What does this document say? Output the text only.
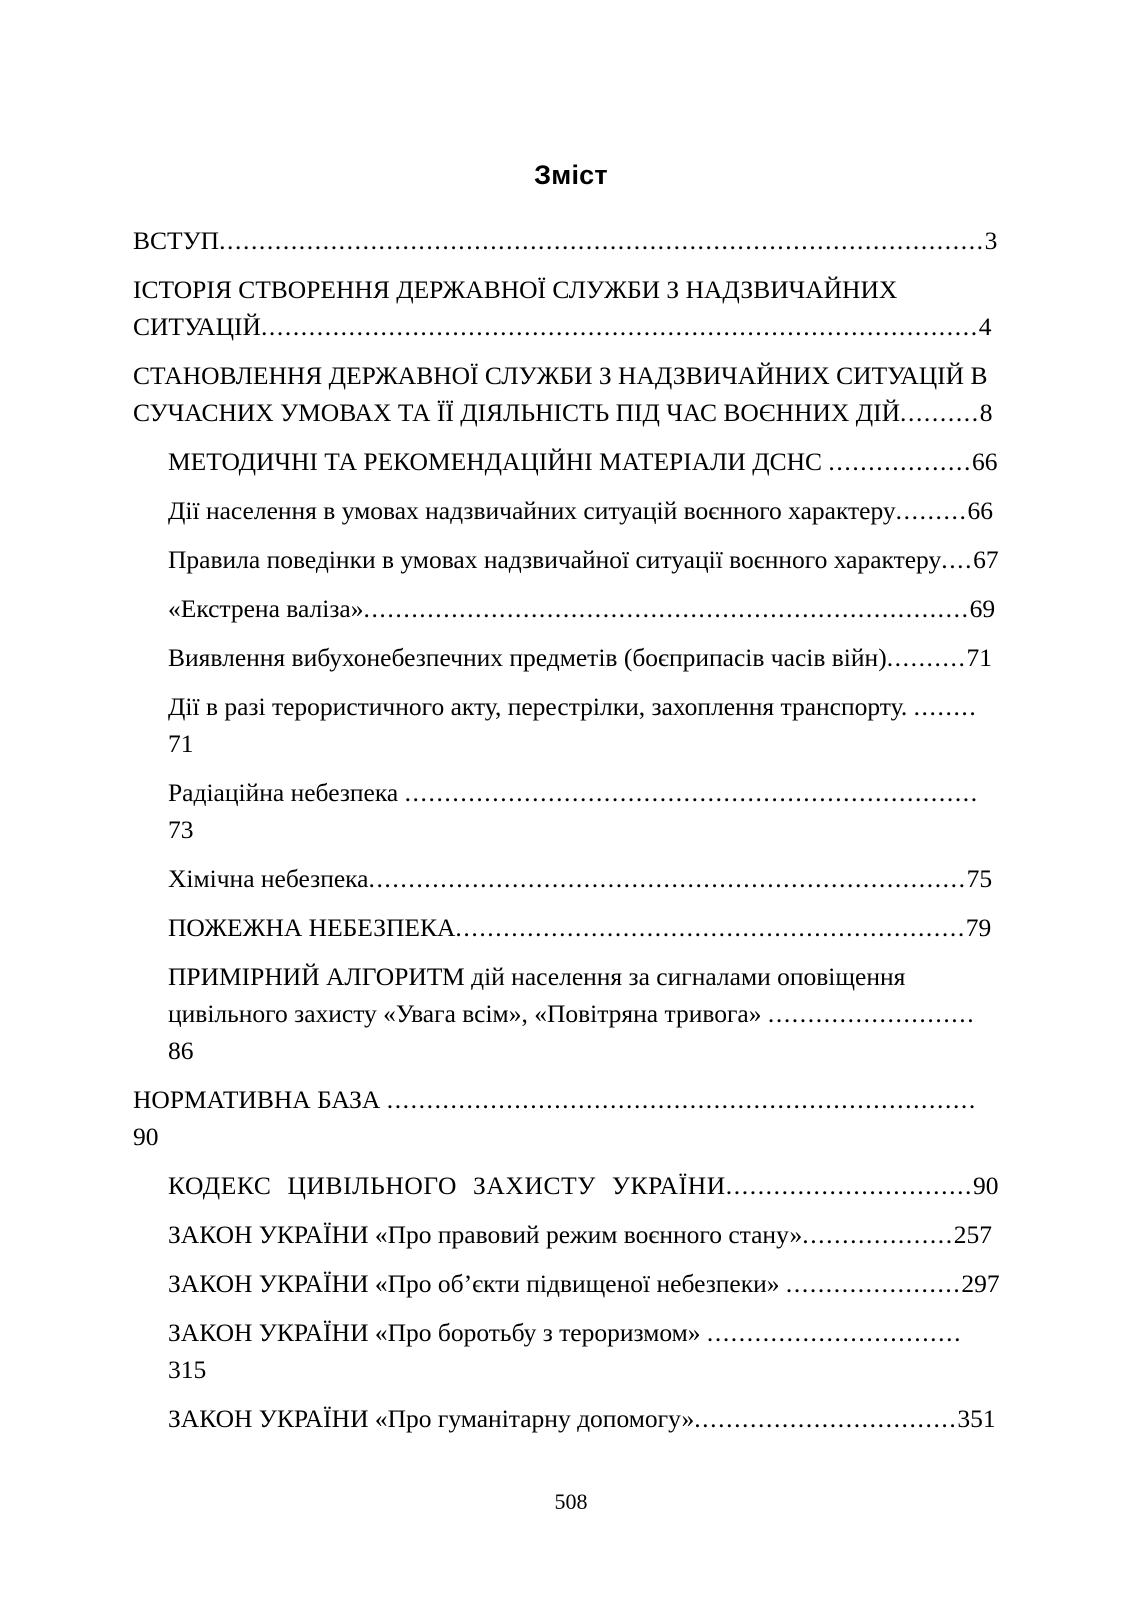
Зміст
ВСТУП................................................................................................3
ІСТОРІЯ СТВОРЕННЯ ДЕРЖАВНОЇ СЛУЖБИ З НАДЗВИЧАЙНИХ СИТУАЦІЙ..........................................................................................4
СТАНОВЛЕННЯ ДЕРЖАВНОЇ СЛУЖБИ З НАДЗВИЧАЙНИХ СИТУАЦІЙ В СУЧАСНИХ УМОВАХ ТА ЇЇ ДІЯЛЬНІСТЬ ПІД ЧАС ВОЄННИХ ДІЙ..........8
МЕТОДИЧНІ ТА РЕКОМЕНДАЦІЙНІ МАТЕРІАЛИ ДСНС ..................66
Дії населення в умовах надзвичайних ситуацій воєнного характеру.........66
Правила поведінки в умовах надзвичайної ситуації воєнного характеру....67
«Екстрена валіза»............................................................................69
Виявлення вибухонебезпечних предметів (боєприпасів часів війн)..........71
Дії в разі терористичного акту, перестрілки, захоплення транспорту. ........71
Радіаційна небезпека ........................................................................73
Хімічна небезпека...........................................................................75
ПОЖЕЖНА НЕБЕЗПЕКА................................................................79
ПРИМІРНИЙ АЛГОРИТМ дій населення за сигналами оповіщення цивільного захисту «Увага всім», «Повітряна тривога» ..........................86
НОРМАТИВНА БАЗА ..........................................................................90
КОДЕКС ЦИВІЛЬНОГО ЗАХИСТУ УКРАЇНИ...............................90
ЗАКОН УКРАЇНИ «Про правовий режим воєнного стану»...................257
ЗАКОН УКРАЇНИ «Про об’єкти підвищеної небезпеки» ......................297
ЗАКОН УКРАЇНИ «Про боротьбу з тероризмом» ................................315
ЗАКОН УКРАЇНИ «Про гуманітарну допомогу».................................351
508
